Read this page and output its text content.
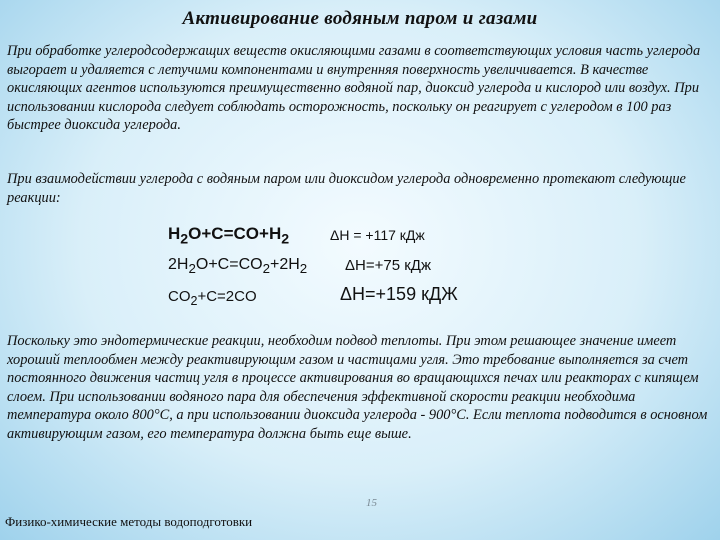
Активирование водяным паром и газами

При обработке углеродсодержащих веществ окисляющими газами в соответствующих условия часть углерода выгорает и удаляется с летучими компонентами и внутренняя поверхность увеличивается. В качестве окисляющих агентов используются преимущественно водяной пар, диоксид углерода и кислород или воздух. При использовании кислорода следует соблюдать осторожность, поскольку он реагирует с углеродом в 100 раз быстрее диоксида углерода.

При взаимодействии углерода с водяным паром или диоксидом углерода одновременно протекают следующие реакции:

$H_2O+C=CO+H_2$	ΔH = +117 кДж
$2H_2O+C=CO_2+2H_2$	ΔH=+75 кДж
$CO_2+C=2CO$	ΔH=+159 кДЖ

Поскольку это эндотермические реакции, необходим подвод теплоты. При этом решающее значение имеет хороший теплообмен между реактивирующим газом и частицами угля. Это требование выполняется за счет постоянного движения частиц угля в процессе активирования во вращающихся печах или реакторах с кипящем слоем. При использовании водяного пара для обеспечения эффективной скорости реакции необходима температура около 800°С, а при использовании диоксида углерода - 900°С. Если теплота подводится в основном активирующим газом, его температура должна быть еще выше.

15
Физико-химические методы водоподготовки
